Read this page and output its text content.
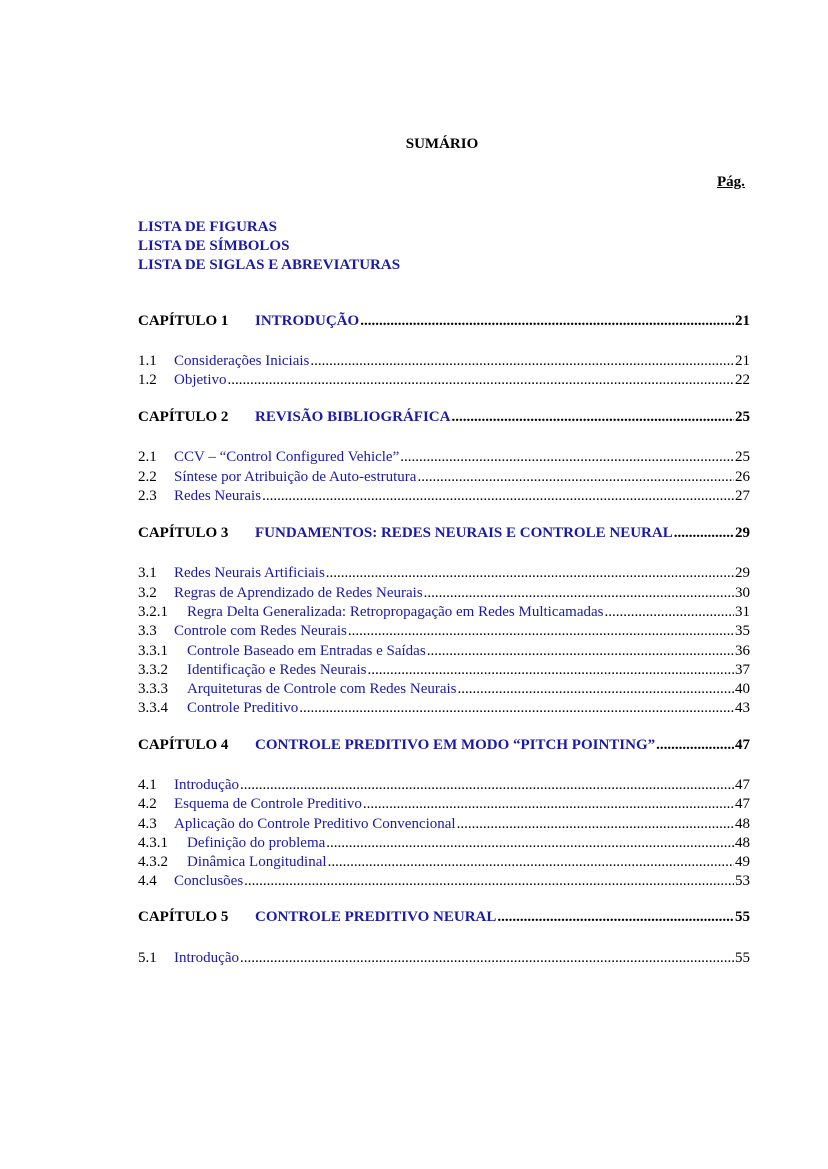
SUMÁRIO
Pág.
LISTA DE FIGURAS
LISTA DE SÍMBOLOS
LISTA DE SIGLAS E ABREVIATURAS
CAPÍTULO 1	INTRODUÇÃO .....	21
1.1	Considerações Iniciais .....	21
1.2	Objetivo .....	22
CAPÍTULO 2	REVISÃO BIBLIOGRÁFICA .....	25
2.1	CCV – “Control Configured Vehicle” .....	25
2.2	Síntese por Atribuição de Auto-estrutura .....	26
2.3	Redes Neurais .....	27
CAPÍTULO 3	FUNDAMENTOS: REDES NEURAIS E CONTROLE NEURAL .....	29
3.1	Redes Neurais Artificiais .....	29
3.2	Regras de Aprendizado de Redes Neurais .....	30
3.2.1	Regra Delta Generalizada: Retropropagação em Redes Multicamadas .....	31
3.3	Controle com Redes Neurais .....	35
3.3.1	Controle Baseado em Entradas e Saídas .....	36
3.3.2	Identificação e Redes Neurais .....	37
3.3.3	Arquiteturas de Controle com Redes Neurais .....	40
3.3.4	Controle Preditivo .....	43
CAPÍTULO 4	CONTROLE PREDITIVO EM MODO “PITCH POINTING” .....	47
4.1	Introdução .....	47
4.2	Esquema de Controle Preditivo .....	47
4.3	Aplicação do Controle Preditivo Convencional .....	48
4.3.1	Definição do problema .....	48
4.3.2	Dinâmica Longitudinal .....	49
4.4	Conclusões .....	53
CAPÍTULO 5	CONTROLE PREDITIVO NEURAL .....	55
5.1	Introdução .....	55
